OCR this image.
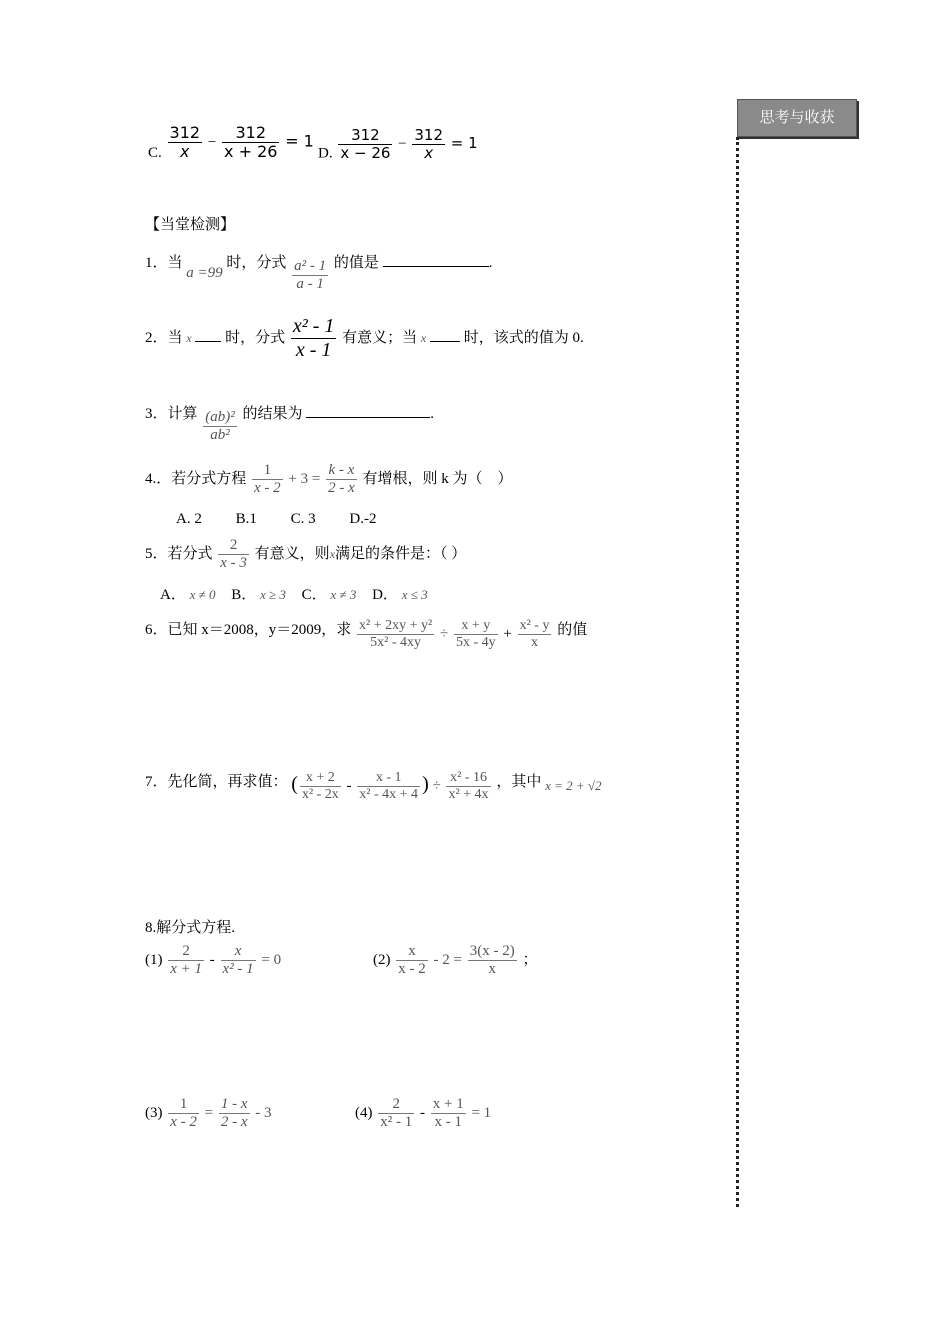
思考与收获
C. $\frac{312}{x} - \frac{312}{x + 26} = 1$
D. $\frac{312}{x - 26} - \frac{312}{x} = 1$
【当堂检测】
1．当 a =99 时，分式 $\frac{\text{a² - 1}}{a - 1}$ 的值是	.
2．当 x 时，分式 $\frac{\text{x² - 1}}{x - 1}$ 有意义；当 x	时，该式的值为 0.
3．计算 $\frac{\text{(ab)²}}{\text{ab²}}$ 的结果为	.
4.．若分式方程 $\frac{1}{x - 2} + 3 = \frac{k - x}{2 - x}$ 有增根，则 k 为（　）
A. 2 B.1 C. 3 D.-2
5．若分式 $\frac{2}{x - 3}$ 有意义，则x满足的条件是：（ ）
A． x ≠ 0 B． x ≥ 3 C． x ≠ 3 D． x ≤ 3
6．已知 x＝2008，y＝2009，求 $\frac{\text{x² + 2xy + y²}}{\text{5x² - 4xy}} \div \frac{x + y}{5x - 4y} + \frac{\text{x² - y}}{x}$ 的值
7．先化简，再求值： ( $\frac{x + 2}{\text{x² - 2x}} - \frac{x - 1}{\text{x² - 4x + 4}}$ ) ÷ $\frac{\text{x² - 16}}{\text{x² + 4x}}$ ，其中 x = 2 + √2
8.解分式方程.
$(1) \frac{2}{x + 1} - \frac{x}{\text{x² - 1}} = 0$	$(2) \frac{x}{x - 2} - 2 = \frac{3(x - 2)}{x}$ ；
$(3) \frac{1}{x - 2} = \frac{1 - x}{2 - x} - 3$	$(4) \frac{2}{\text{x² - 1}} - \frac{x + 1}{x - 1} = 1$
